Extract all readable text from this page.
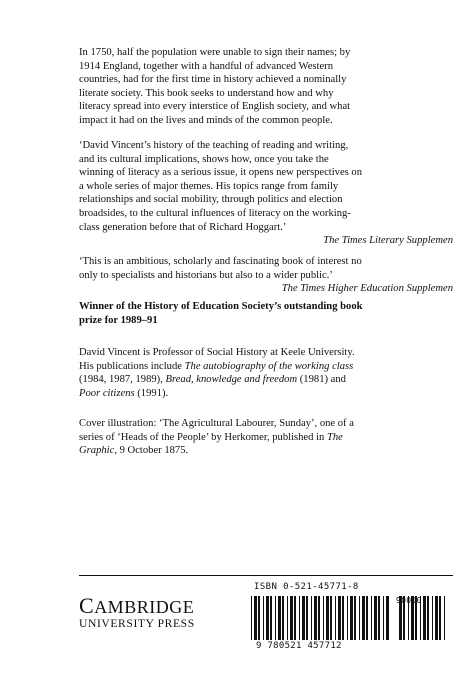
In 1750, half the population were unable to sign their names; by
1914 England, together with a handful of advanced Western
countries, had for the first time in history achieved a nominally
literate society. This book seeks to understand how and why
literacy spread into every interstice of English society, and what
impact it had on the lives and minds of the common people.
‘David Vincent’s history of the teaching of reading and writing,
and its cultural implications, shows how, once you take the
winning of literacy as a serious issue, it opens new perspectives on
a whole series of major themes. His topics range from family
relationships and social mobility, through politics and election
broadsides, to the cultural influences of literacy on the working-
class generation before that of Richard Hoggart.’
The Times Literary Supplemen
‘This is an ambitious, scholarly and fascinating book of interest no
only to specialists and historians but also to a wider public.’
The Times Higher Education Supplemen
Winner of the History of Education Society’s outstanding book
prize for 1989–91
David Vincent is Professor of Social History at Keele University.
His publications include The autobiography of the working class
(1984, 1987, 1989), Bread, knowledge and freedom (1981) and
Poor citizens (1991).
Cover illustration: ‘The Agricultural Labourer, Sunday’, one of a
series of ‘Heads of the People’ by Herkomer, published in The
Graphic, 9 October 1875.
CAMBRIDGE
UNIVERSITY PRESS
ISBN 0-521-45771-8
9 780521 457712
90000
